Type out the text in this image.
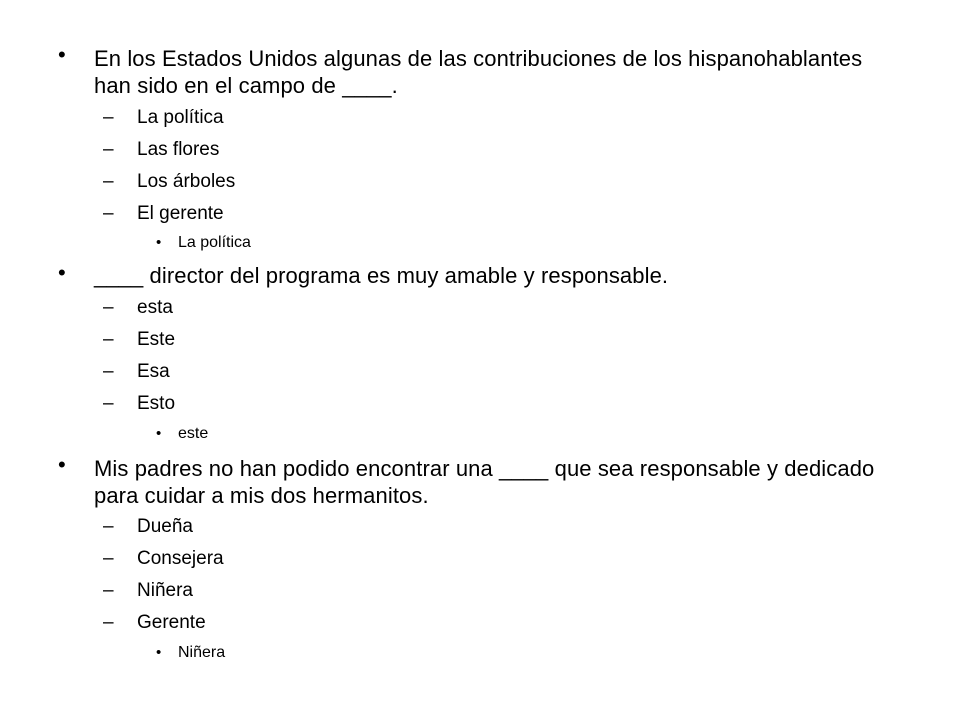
• En los Estados Unidos algunas de las contribuciones de los hispanohablantes han sido en el campo de ____.
– La política
– Las flores
– Los árboles
– El gerente
• La política
• ____ director del programa es muy amable y responsable.
– esta
– Este
– Esa
– Esto
• este
• Mis padres no han podido encontrar una ____ que sea responsable y dedicado para cuidar a mis dos hermanitos.
– Dueña
– Consejera
– Niñera
– Gerente
• Niñera
